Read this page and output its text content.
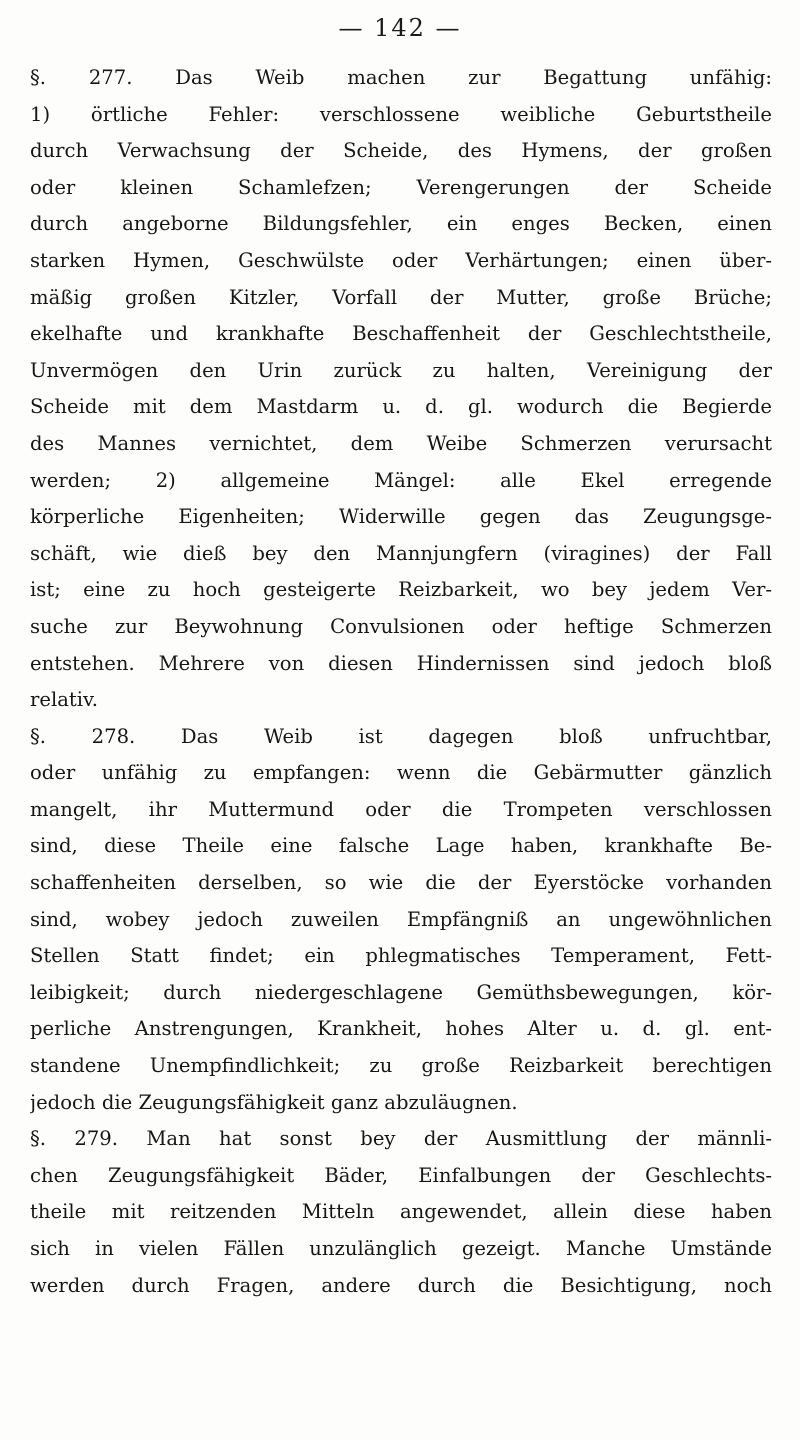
— 142 —
§. 277. Das Weib machen zur Begattung unfähig:
1) örtliche Fehler: verschlossene weibliche Geburtstheile
durch Verwachsung der Scheide, des Hymens, der großen
oder kleinen Schamlefzen; Verengerungen der Scheide
durch angeborne Bildungsfehler, ein enges Becken, einen
starken Hymen, Geschwülste oder Verhärtungen; einen über-
mäßig großen Kitzler, Vorfall der Mutter, große Brüche;
ekelhafte und krankhafte Beschaffenheit der Geschlechtstheile,
Unvermögen den Urin zurück zu halten, Vereinigung der
Scheide mit dem Mastdarm u. d. gl. wodurch die Begierde
des Mannes vernichtet, dem Weibe Schmerzen verursacht
werden; 2) allgemeine Mängel: alle Ekel erregende
körperliche Eigenheiten; Widerwille gegen das Zeugungsge-
schäft, wie dieß bey den Mannjungfern (viragines) der Fall
ist; eine zu hoch gesteigerte Reizbarkeit, wo bey jedem Ver-
suche zur Beywohnung Convulsionen oder heftige Schmerzen
entstehen. Mehrere von diesen Hindernissen sind jedoch bloß
relativ.
§. 278. Das Weib ist dagegen bloß unfruchtbar,
oder unfähig zu empfangen: wenn die Gebärmutter gänzlich
mangelt, ihr Muttermund oder die Trompeten verschlossen
sind, diese Theile eine falsche Lage haben, krankhafte Be-
schaffenheiten derselben, so wie die der Eyerstöcke vorhanden
sind, wobey jedoch zuweilen Empfängniß an ungewöhnlichen
Stellen Statt findet; ein phlegmatisches Temperament, Fett-
leibigkeit; durch niedergeschlagene Gemüthsbewegungen, kör-
perliche Anstrengungen, Krankheit, hohes Alter u. d. gl. ent-
standene Unempfindlichkeit; zu große Reizbarkeit berechtigen
jedoch die Zeugungsfähigkeit ganz abzuläugnen.
§. 279. Man hat sonst bey der Ausmittlung der männli-
chen Zeugungsfähigkeit Bäder, Einfalbungen der Geschlechts-
theile mit reitzenden Mitteln angewendet, allein diese haben
sich in vielen Fällen unzulänglich gezeigt. Manche Umstände
werden durch Fragen, andere durch die Besichtigung, noch
